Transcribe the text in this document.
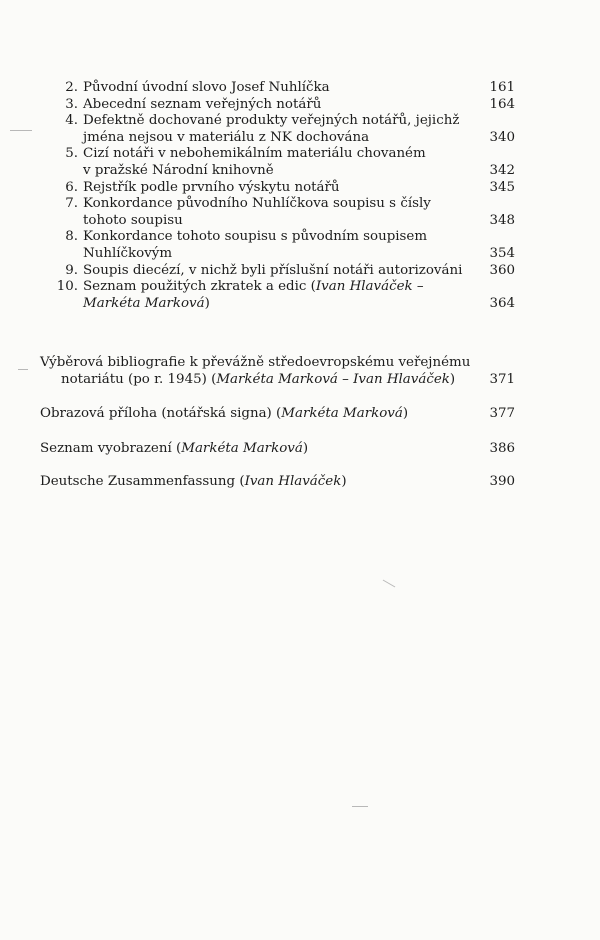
2. Původní úvodní slovo Josef Nuhlíčka	161
3. Abecední seznam veřejných notářů	164
4. Defektně dochované produkty veřejných notářů, jejichž
jména nejsou v materiálu z NK dochována	340
5. Cizí notáři v nebohemikálním materiálu chovaném
v pražské Národní knihovně	342
6. Rejstřík podle prvního výskytu notářů	345
7. Konkordance původního Nuhlíčkova soupisu s čísly
tohoto soupisu	348
8. Konkordance tohoto soupisu s původním soupisem
Nuhlíčkovým	354
9. Soupis diecézí, v nichž byli příslušní notáři autorizováni	360
10. Seznam použitých zkratek a edic (Ivan Hlaváček –
Markéta Marková)	364
Výběrová bibliografie k převážně středoevropskému veřejnému
notariátu (po r. 1945) (Markéta Marková – Ivan Hlaváček)	371
Obrazová příloha (notářská signa) (Markéta Marková)	377
Seznam vyobrazení (Markéta Marková)	386
Deutsche Zusammenfassung (Ivan Hlaváček)	390
